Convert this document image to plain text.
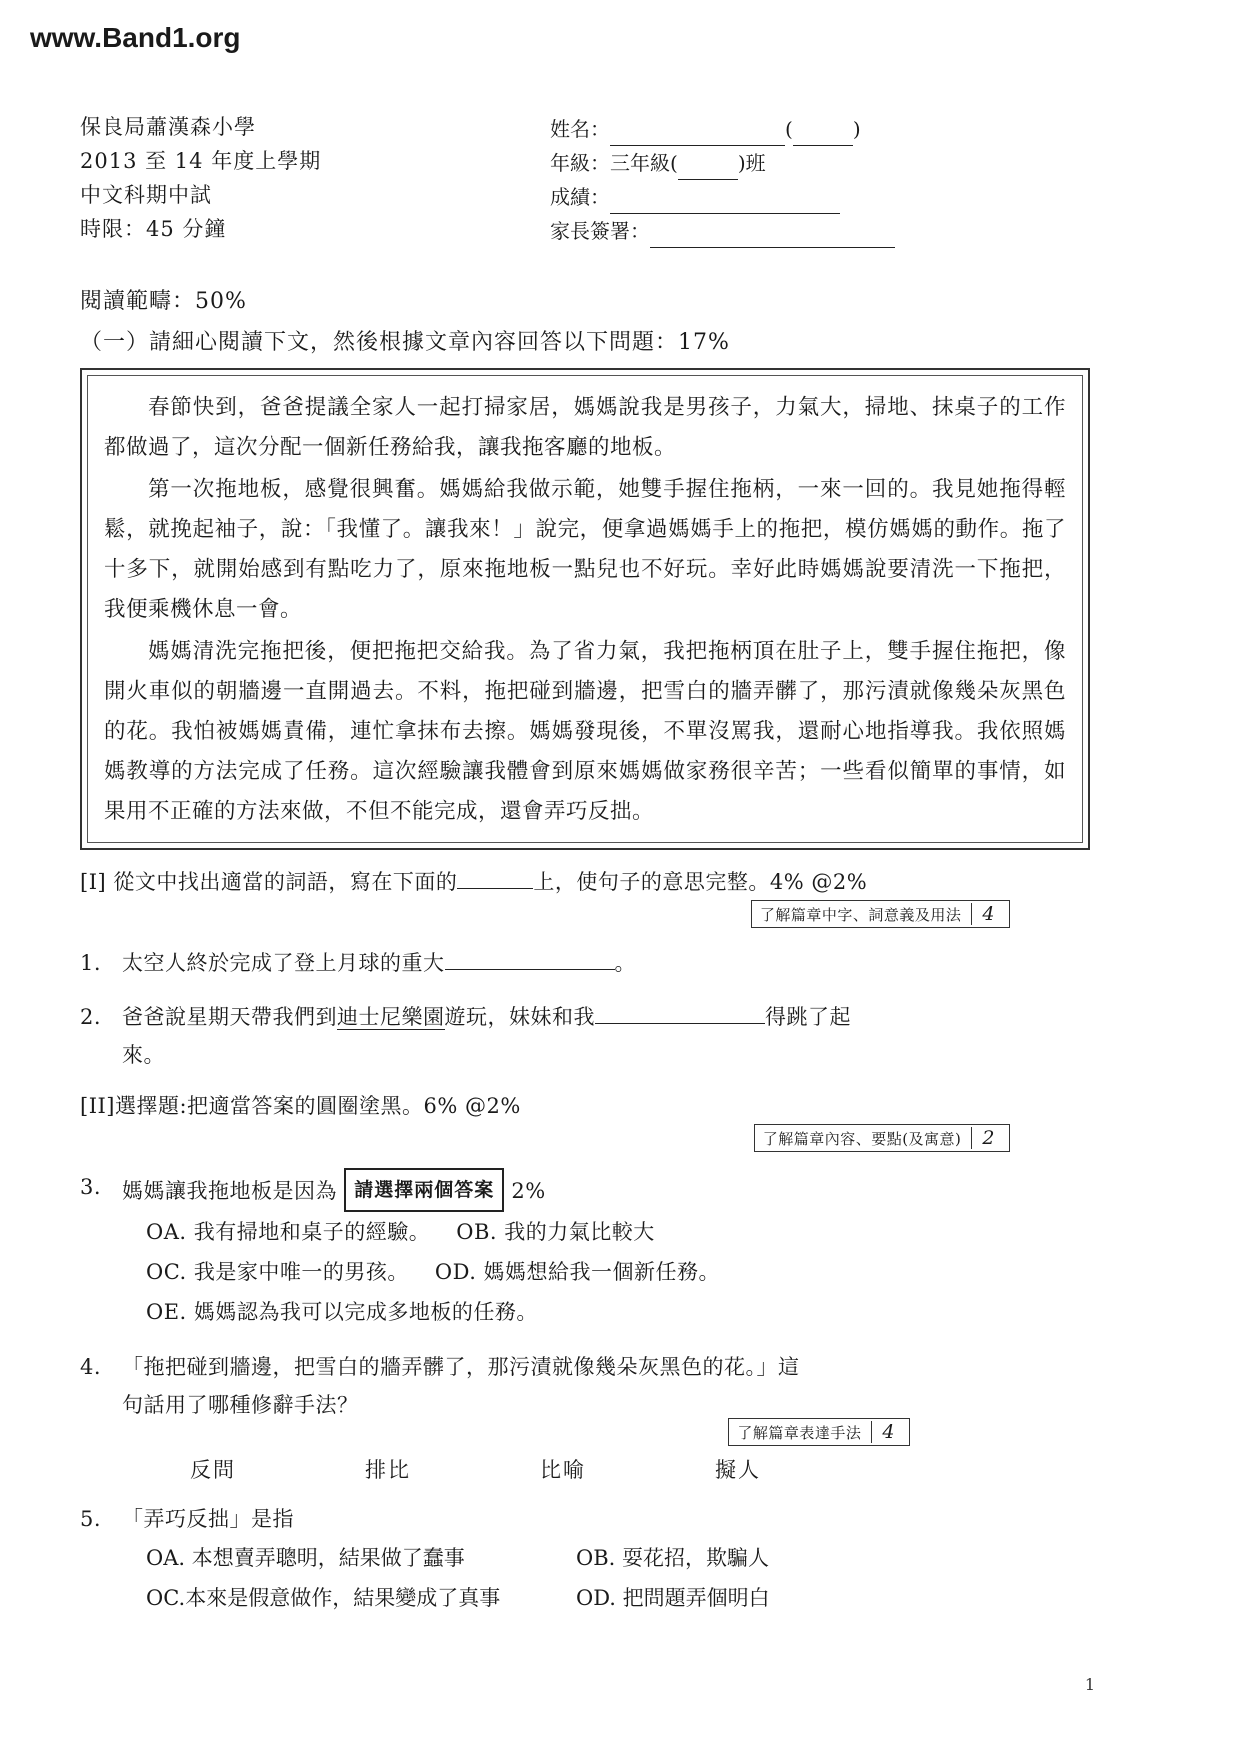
www.Band1.org
保良局蕭漢森小學
2013 至 14 年度上學期
中文科期中試
時限：45 分鐘
姓名：	(	)
年級：三年級(	)班
成績：
家長簽署：
閱讀範疇：50%
（一）請細心閱讀下文，然後根據文章內容回答以下問題：17%

春節快到，爸爸提議全家人一起打掃家居，媽媽說我是男孩子，力氣大，掃地、抹桌子的工作都做過了，這次分配一個新任務給我，讓我拖客廳的地板。

第一次拖地板，感覺很興奮。媽媽給我做示範，她雙手握住拖柄，一來一回的。我見她拖得輕鬆，就挽起袖子，說：「我懂了。讓我來！」說完，便拿過媽媽手上的拖把，模仿媽媽的動作。拖了十多下，就開始感到有點吃力了，原來拖地板一點兒也不好玩。幸好此時媽媽說要清洗一下拖把，我便乘機休息一會。

媽媽清洗完拖把後，便把拖把交給我。為了省力氣，我把拖柄頂在肚子上，雙手握住拖把，像開火車似的朝牆邊一直開過去。不料，拖把碰到牆邊，把雪白的牆弄髒了，那污漬就像幾朵灰黑色的花。我怕被媽媽責備，連忙拿抹布去擦。媽媽發現後，不單沒罵我，還耐心地指導我。我依照媽媽教導的方法完成了任務。這次經驗讓我體會到原來媽媽做家務很辛苦；一些看似簡單的事情，如果用不正確的方法來做，不但不能完成，還會弄巧反拙。

[I] 從文中找出適當的詞語，寫在下面的	上，使句子的意思完整。4% @2%
了解篇章中字、詞意義及用法	4
1. 太空人終於完成了登上月球的重大	。
2. 爸爸說星期天帶我們到迪士尼樂園遊玩，妹妹和我	得跳了起
來。
[II]選擇題:把適當答案的圓圈塗黑。6% @2%
了解篇章內容、要點(及寓意)	2
3. 媽媽讓我拖地板是因為 請選擇兩個答案 2%
OA. 我有掃地和桌子的經驗。 OB. 我的力氣比較大
OC. 我是家中唯一的男孩。 OD. 媽媽想給我一個新任務。
OE. 媽媽認為我可以完成多地板的任務。
4. 「拖把碰到牆邊，把雪白的牆弄髒了，那污漬就像幾朵灰黑色的花。」這
句話用了哪種修辭手法？
了解篇章表達手法	4
反問	排比	比喻	擬人
5. 「弄巧反拙」是指
OA. 本想賣弄聰明，結果做了蠢事	OB. 耍花招，欺騙人
OC.本來是假意做作，結果變成了真事	OD. 把問題弄個明白
1
